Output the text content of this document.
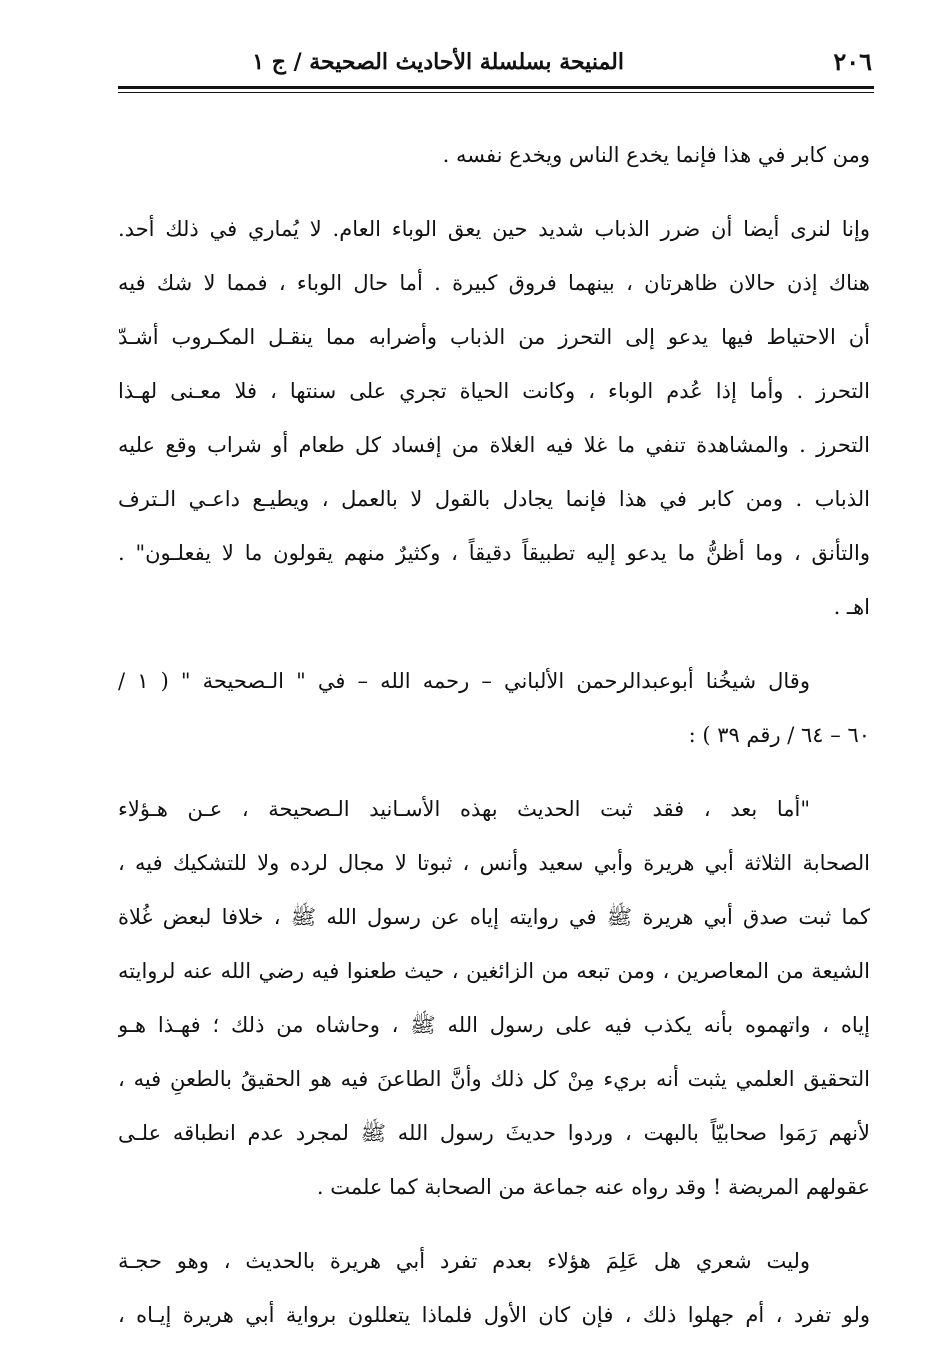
٢٠٦
المنيحة بسلسلة الأحاديث الصحيحة / ج ١
ومن كابر في هذا فإنما يخدع الناس ويخدع نفسه .
وإنا لنرى أيضا أن ضرر الذباب شديد حين يعق الوباء العام. لا يُماري في ذلك أحد.
هناك إذن حالان ظاهرتان ، بينهما فروق كبيرة . أما حال الوباء ، فمما لا شك فيه
أن الاحتياط فيها يدعو إلى التحرز من الذباب وأضرابه مما ينقـل المكـروب أشـدّ
التحرز . وأما إذا عُدم الوباء ، وكانت الحياة تجري على سنتها ، فلا معـنى لهـذا
التحرز . والمشاهدة تنفي ما غلا فيه الغلاة من إفساد كل طعام أو شراب وقع عليه
الذباب . ومن كابر في هذا فإنما يجادل بالقول لا بالعمل ، ويطيـع داعـي الـترف
والتأنق ، وما أظنُّ ما يدعو إليه تطبيقاً دقيقاً ، وكثيرٌ منهم يقولون ما لا يفعلـون" .
اهـ .
وقال شيخُنا أبوعبدالرحمن الألباني – رحمه الله – في " الـصحيحة " ( ١ /
٦٠ – ٦٤ / رقم ٣٩ ) :
"أما بعد ، فقد ثبت الحديث بهذه الأسـانيد الـصحيحة ، عـن هـؤلاء
الصحابة الثلاثة أبي هريرة وأبي سعيد وأنس ، ثبوتا لا مجال لرده ولا للتشكيك فيه ،
كما ثبت صدق أبي هريرة ﷺ في روايته إياه عن رسول الله ﷺ ، خلافا لبعض غُلاة
الشيعة من المعاصرين ، ومن تبعه من الزائغين ، حيث طعنوا فيه رضي الله عنه لروايته
إياه ، واتهموه بأنه يكذب فيه على رسول الله ﷺ ، وحاشاه من ذلك ؛ فهـذا هـو
التحقيق العلمي يثبت أنه بريء مِنْ كل ذلك وأنَّ الطاعنَ فيه هو الحقيقُ بالطعنِ فيه ،
لأنهم رَمَوا صحابيّاً بالبهت ، وردوا حديثَ رسول الله ﷺ لمجرد عدم انطباقه علـى
عقولهم المريضة ! وقد رواه عنه جماعة من الصحابة كما علمت .
وليت شعري هل عَلِمَ هؤلاء بعدم تفرد أبي هريرة بالحديث ، وهو حجـة
ولو تفرد ، أم جهلوا ذلك ، فإن كان الأول فلماذا يتعللون برواية أبي هريرة إيـاه ،
